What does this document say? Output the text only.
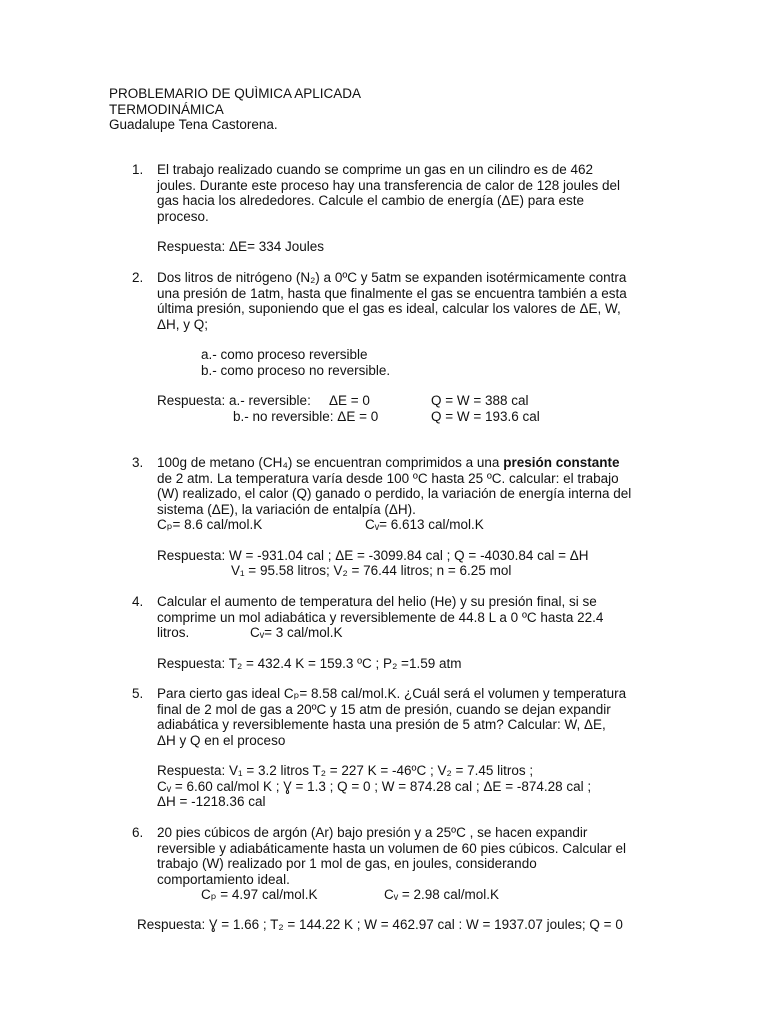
PROBLEMARIO DE QUÌMICA APLICADA
TERMODINÁMICA
Guadalupe Tena Castorena.
1.	El trabajo realizado cuando se comprime un gas en un cilindro es de 462
joules. Durante este proceso hay una transferencia de calor de 128 joules del
gas hacia los alrededores. Calcule el cambio de energía (ΔE) para este
proceso.
Respuesta: ΔE= 334 Joules
2.	Dos litros de nitrógeno (N₂) a 0ºC y 5atm se expanden isotérmicamente contra
una presión de 1atm, hasta que finalmente el gas se encuentra también a esta
última presión, suponiendo que el gas es ideal, calcular los valores de ΔE, W,
ΔH, y Q;
a.- como proceso reversible
b.- como proceso no reversible.
Respuesta: a.- reversible: ΔE = 0	Q = W = 388 cal
b.- no reversible: ΔE = 0	Q = W = 193.6 cal
3.	100g de metano (CH₄) se encuentran comprimidos a una presión constante
de 2 atm. La temperatura varía desde 100 ºC hasta 25 ºC. calcular: el trabajo
(W) realizado, el calor (Q) ganado o perdido, la variación de energía interna del
sistema (ΔE), la variación de entalpía (ΔH).
Cₚ= 8.6 cal/mol.K	Cᵥ= 6.613 cal/mol.K
Respuesta: W = -931.04 cal ; ΔE = -3099.84 cal ; Q = -4030.84 cal = ΔH
V₁ = 95.58 litros; V₂ = 76.44 litros; n = 6.25 mol
4.	Calcular el aumento de temperatura del helio (He) y su presión final, si se
comprime un mol adiabática y reversiblemente de 44.8 L a 0 ºC hasta 22.4
litros.	Cᵥ= 3 cal/mol.K
Respuesta: T₂ = 432.4 K = 159.3 ºC ; P₂ =1.59 atm
5.	Para cierto gas ideal Cₚ= 8.58 cal/mol.K. ¿Cuál será el volumen y temperatura
final de 2 mol de gas a 20ºC y 15 atm de presión, cuando se dejan expandir
adiabática y reversiblemente hasta una presión de 5 atm? Calcular: W, ΔE,
ΔH y Q en el proceso
Respuesta: V₁ = 3.2 litros T₂ = 227 K = -46ºC ; V₂ = 7.45 litros ;
Cᵥ = 6.60 cal/mol K ; Ɣ = 1.3 ; Q = 0 ; W = 874.28 cal ; ΔE = -874.28 cal ;
ΔH = -1218.36 cal
6.	20 pies cúbicos de argón (Ar) bajo presión y a 25ºC , se hacen expandir
reversible y adiabáticamente hasta un volumen de 60 pies cúbicos. Calcular el
trabajo (W) realizado por 1 mol de gas, en joules, considerando
comportamiento ideal.
Cₚ = 4.97 cal/mol.K	Cᵥ = 2.98 cal/mol.K
Respuesta: Ɣ = 1.66 ; T₂ = 144.22 K ; W = 462.97 cal : W = 1937.07 joules; Q = 0
